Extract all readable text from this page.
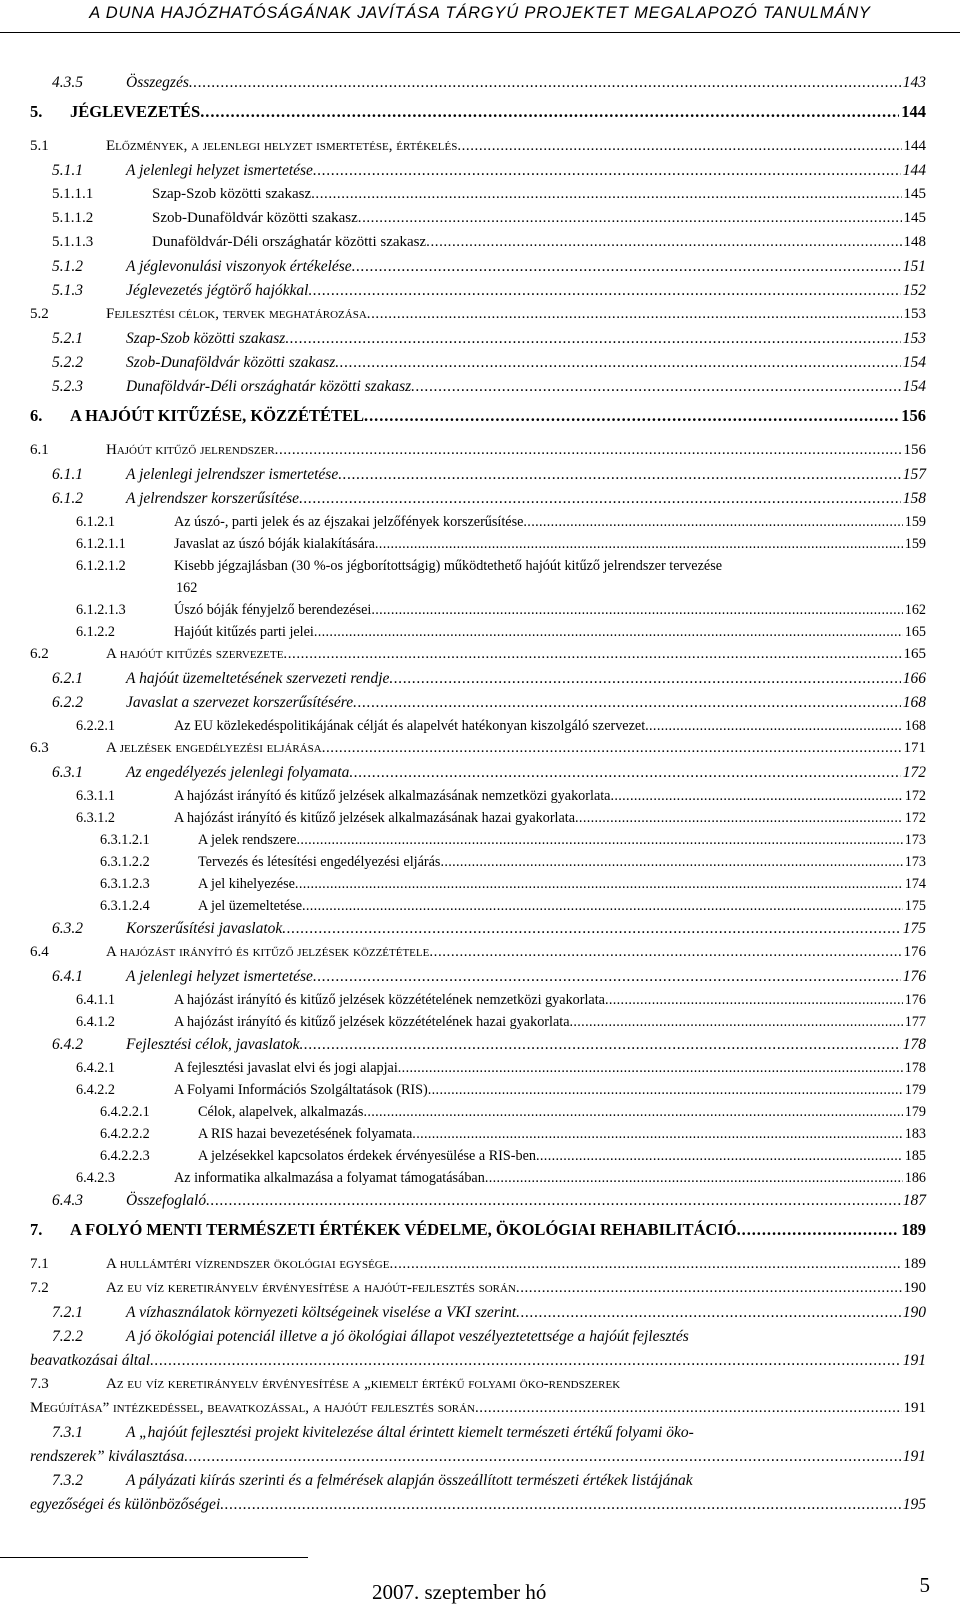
A DUNA HAJÓZHATÓSÁGÁNAK JAVÍTÁSA TÁRGYÚ PROJEKTET MEGALAPOZÓ TANULMÁNY
4.3.5	Összegzés . . .	143
5.	JÉGLEVEZETÉS . . .	144
5.1	Előzmények, a jelenlegi helyzet ismertetése, értékelés . . .	144
5.1.1	A jelenlegi helyzet ismertetése . . .	144
5.1.1.1	Szap-Szob közötti szakasz . . .	145
5.1.1.2	Szob-Dunaföldvár közötti szakasz . . .	145
5.1.1.3	Dunaföldvár-Déli országhatár közötti szakasz . . .	148
5.1.2	A jéglevonulási viszonyok értékelése . . .	151
5.1.3	Jéglevezetés jégtörő hajókkal . . .	152
5.2	Fejlesztési célok, tervek meghatározása . . .	153
5.2.1	Szap-Szob közötti szakasz . . .	153
5.2.2	Szob-Dunaföldvár közötti szakasz . . .	154
5.2.3	Dunaföldvár-Déli országhatár közötti szakasz . . .	154
6.	A HAJÓÚT KITŰZÉSE, KÖZZÉTÉTEL . . .	156
6.1	Hajóút kitűző jelrendszer . . .	156
6.1.1	A jelenlegi jelrendszer ismertetése . . .	157
6.1.2	A jelrendszer korszerűsítése . . .	158
6.1.2.1	Az úszó-, parti jelek és az éjszakai jelzőfények korszerűsítése . . .	159
6.1.2.1.1	Javaslat az úszó bóják kialakítására . . .	159
6.1.2.1.2	Kisebb jégzajlásban (30 %-os jégborítottságig) működtethető hajóút kitűző jelrendszer tervezése
162
6.1.2.1.3	Úszó bóják fényjelző berendezései . . .	162
6.1.2.2	Hajóút kitűzés parti jelei . . .	165
6.2	A hajóút kitűzés szervezete . . .	165
6.2.1	A hajóút üzemeltetésének szervezeti rendje . . .	166
6.2.2	Javaslat a szervezet korszerűsítésére . . .	168
6.2.2.1	Az EU közlekedéspolitikájának célját és alapelvét hatékonyan kiszolgáló szervezet . . .	168
6.3	A jelzések engedélyezési eljárása . . .	171
6.3.1	Az engedélyezés jelenlegi folyamata . . .	172
6.3.1.1	A hajózást irányító és kitűző jelzések alkalmazásának nemzetközi gyakorlata . . .	172
6.3.1.2	A hajózást irányító és kitűző jelzések alkalmazásának hazai gyakorlata . . .	172
6.3.1.2.1	A jelek rendszere . . .	173
6.3.1.2.2	Tervezés és létesítési engedélyezési eljárás . . .	173
6.3.1.2.3	A jel kihelyezése . . .	174
6.3.1.2.4	A jel üzemeltetése . . .	175
6.3.2	Korszerűsítési javaslatok . . .	175
6.4	A hajózást irányító és kitűző jelzések közzététele . . .	176
6.4.1	A jelenlegi helyzet ismertetése . . .	176
6.4.1.1	A hajózást irányító és kitűző jelzések közzétételének nemzetközi gyakorlata . . .	176
6.4.1.2	A hajózást irányító és kitűző jelzések közzétételének hazai gyakorlata . . .	177
6.4.2	Fejlesztési célok, javaslatok . . .	178
6.4.2.1	A fejlesztési javaslat elvi és jogi alapjai . . .	178
6.4.2.2	A Folyami Információs Szolgáltatások (RIS) . . .	179
6.4.2.2.1	Célok, alapelvek, alkalmazás . . .	179
6.4.2.2.2	A RIS hazai bevezetésének folyamata . . .	183
6.4.2.2.3	A jelzésekkel kapcsolatos érdekek érvényesülése a RIS-ben . . .	185
6.4.2.3	Az informatika alkalmazása a folyamat támogatásában . . .	186
6.4.3	Összefoglaló . . .	187
7.	A FOLYÓ MENTI TERMÉSZETI ÉRTÉKEK VÉDELME, ÖKOLÓGIAI REHABILITÁCIÓ . . .	189
7.1	A hullámtéri vízrendszer ökológiai egysége . . .	189
7.2	Az eu víz keretirányelv érvényesítése a hajóút-fejlesztés során . . .	190
7.2.1	A vízhasználatok környezeti költségeinek viselése a VKI szerint . . .	190
7.2.2	A jó ökológiai potenciál illetve a jó ökológiai állapot veszélyeztetettsége a hajóút fejlesztés
beavatkozásai által . . .	191
7.3	Az eu víz keretirányelv érvényesítése a „kiemelt értékű folyami öko-rendszerek
Megújítása” intézkedéssel, beavatkozással, a hajóút fejlesztés során . . .	191
7.3.1	A „hajóút fejlesztési projekt kivitelezése által érintett kiemelt természeti értékű folyami öko-
rendszerek” kiválasztása . . .	191
7.3.2	A pályázati kiírás szerinti és a felmérések alapján összeállított természeti értékek listájának
egyezőségei és különbözőségei . . .	195
2007. szeptember hó	5
